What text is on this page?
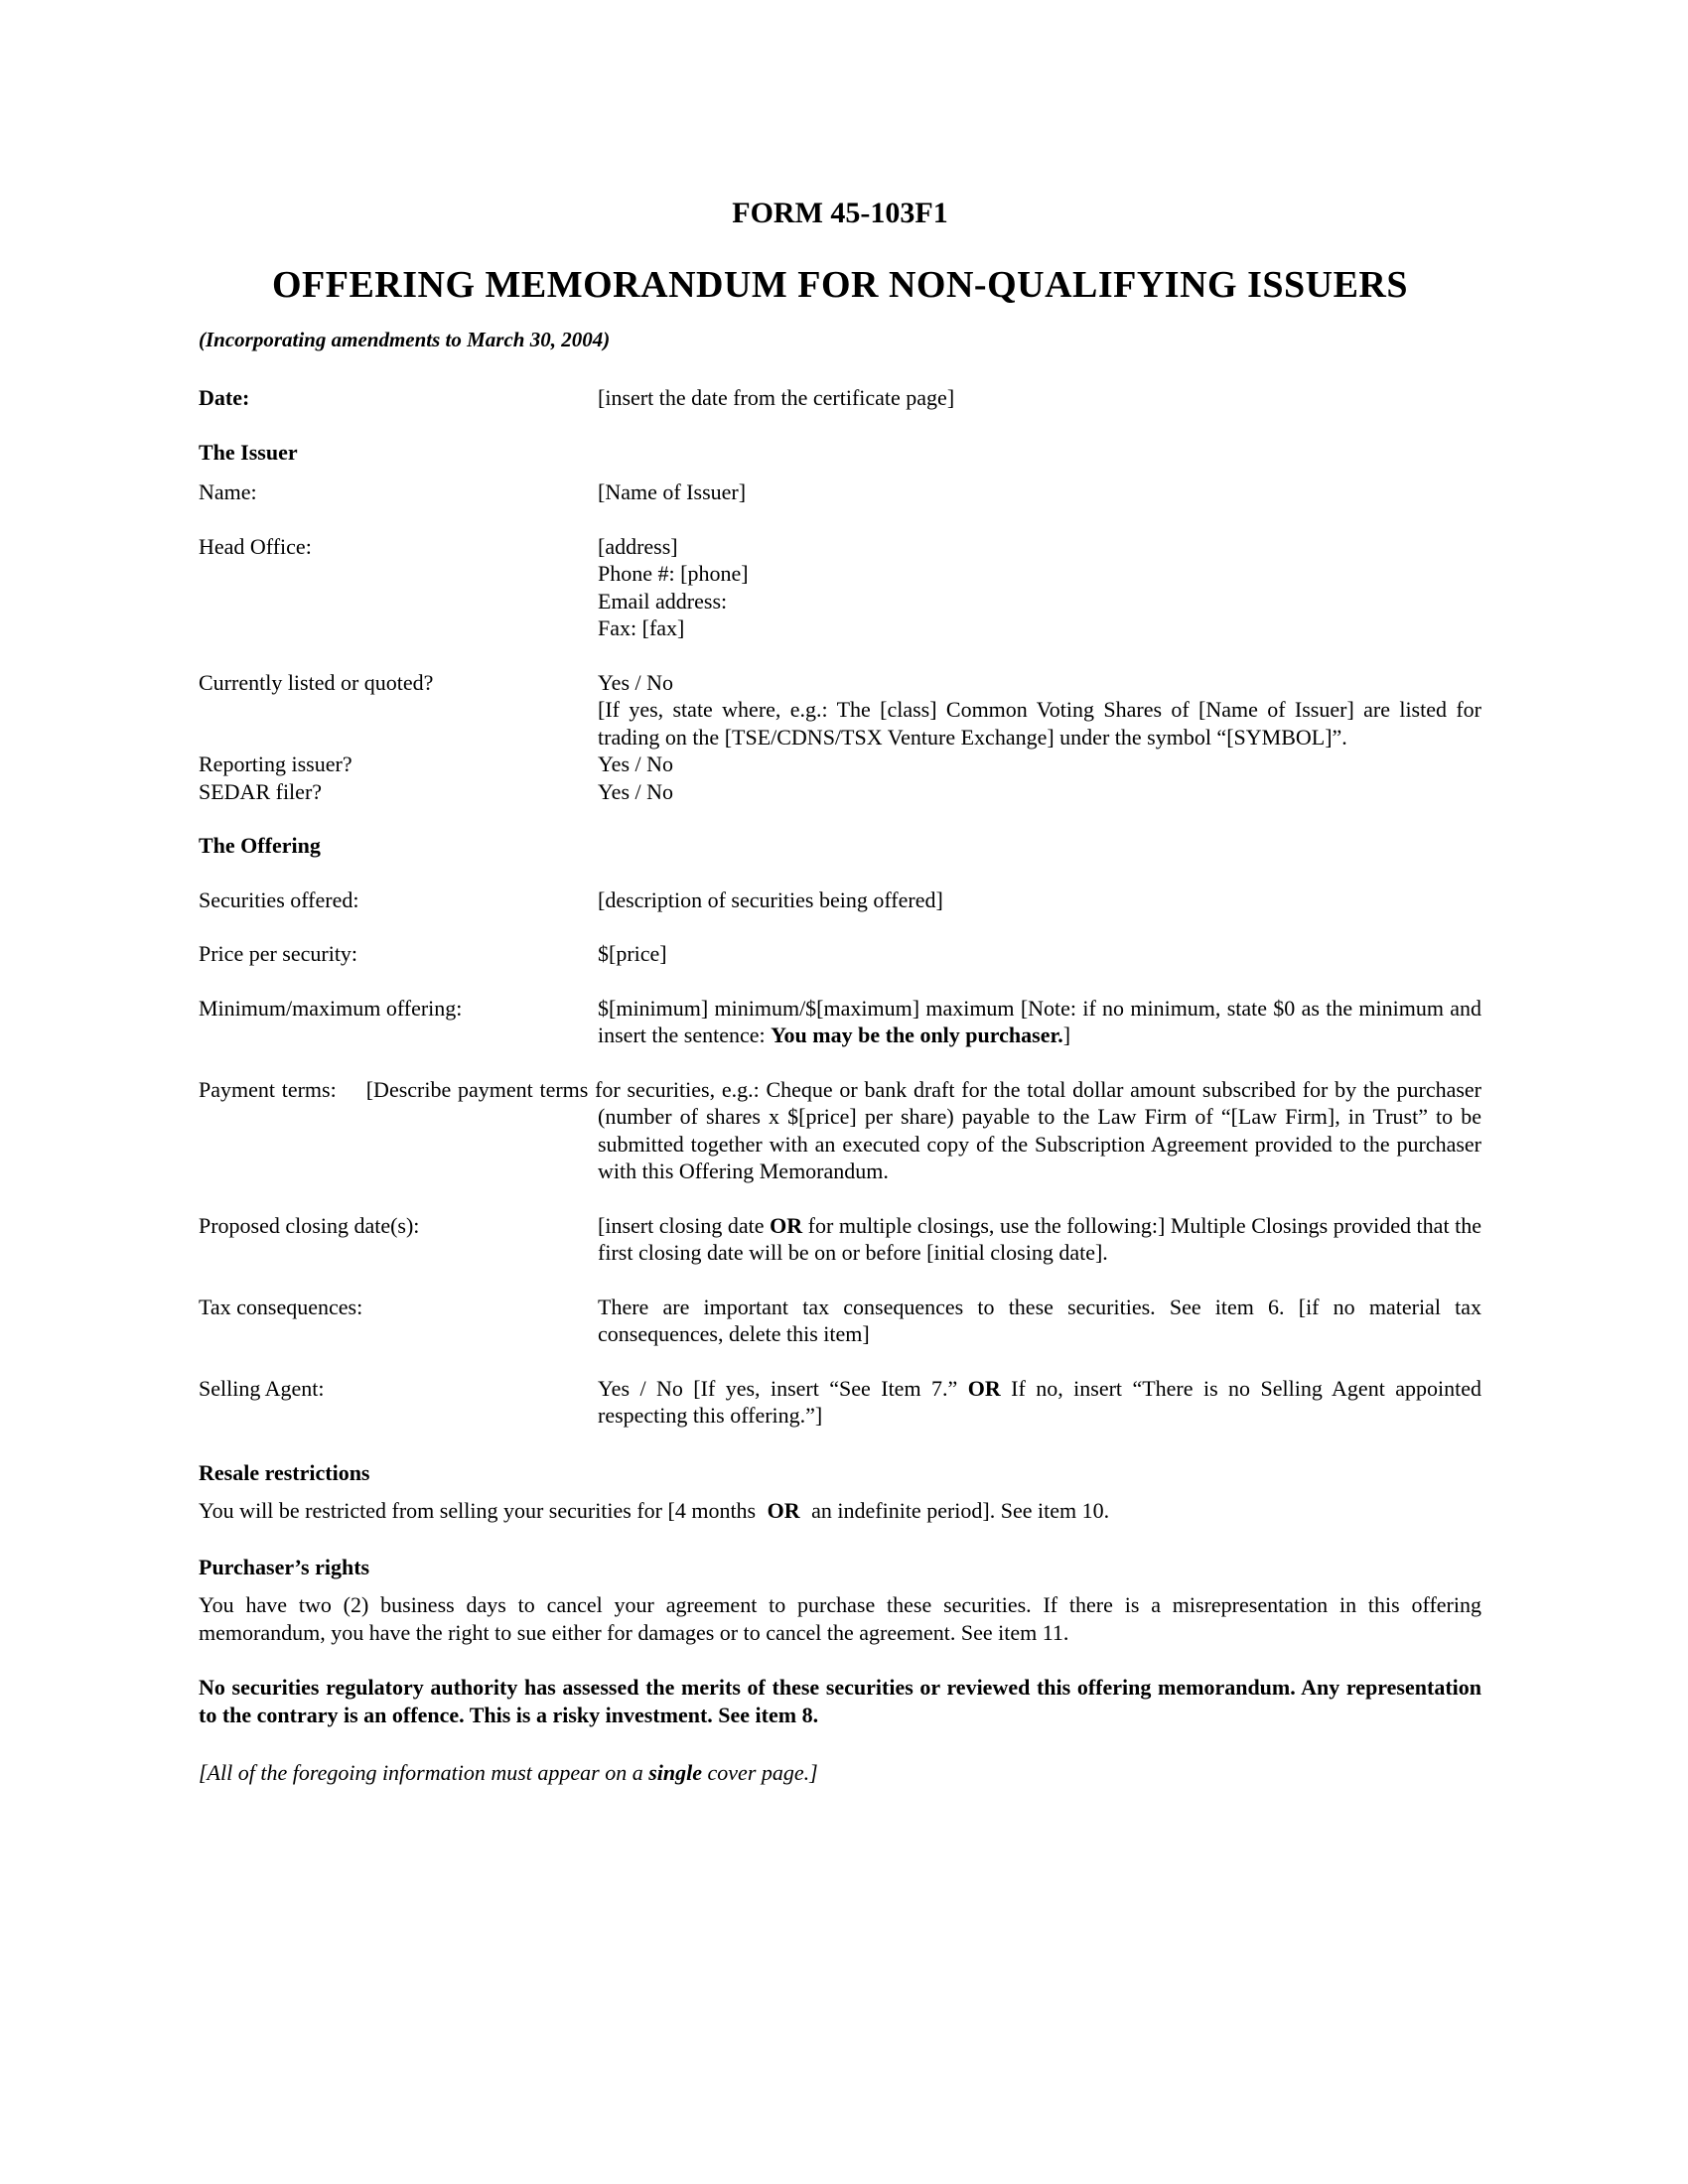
FORM 45-103F1
OFFERING MEMORANDUM FOR NON-QUALIFYING ISSUERS
(Incorporating amendments to March 30, 2004)
Date:	[insert the date from the certificate page]
The Issuer
Name:	[Name of Issuer]
Head Office:	[address]
Phone #: [phone]
Email address:
Fax: [fax]
Currently listed or quoted?	Yes / No
[If yes, state where, e.g.: The [class] Common Voting Shares of [Name of Issuer] are listed for trading on the [TSE/CDNS/TSX Venture Exchange] under the symbol “[SYMBOL]”.
Reporting issuer?	Yes / No
SEDAR filer?	Yes / No
The Offering
Securities offered:	[description of securities being offered]
Price per security:	$[price]
Minimum/maximum offering:	$[minimum] minimum/$[maximum] maximum [Note: if no minimum, state $0 as the minimum and insert the sentence: You may be the only purchaser.]
Payment terms: [Describe payment terms for securities, e.g.: Cheque or bank draft for the total dollar amount subscribed for by the purchaser (number of shares x $[price] per share) payable to the Law Firm of “[Law Firm], in Trust” to be submitted together with an executed copy of the Subscription Agreement provided to the purchaser with this Offering Memorandum.
Proposed closing date(s):	[insert closing date OR for multiple closings, use the following:] Multiple Closings provided that the first closing date will be on or before [initial closing date].
Tax consequences:	There are important tax consequences to these securities. See item 6. [if no material tax consequences, delete this item]
Selling Agent:	Yes / No [If yes, insert “See Item 7.” OR If no, insert “There is no Selling Agent appointed respecting this offering.”]
Resale restrictions
You will be restricted from selling your securities for [4 months OR an indefinite period]. See item 10.
Purchaser’s rights
You have two (2) business days to cancel your agreement to purchase these securities. If there is a misrepresentation in this offering memorandum, you have the right to sue either for damages or to cancel the agreement. See item 11.
No securities regulatory authority has assessed the merits of these securities or reviewed this offering memorandum. Any representation to the contrary is an offence. This is a risky investment. See item 8.
[All of the foregoing information must appear on a single cover page.]
